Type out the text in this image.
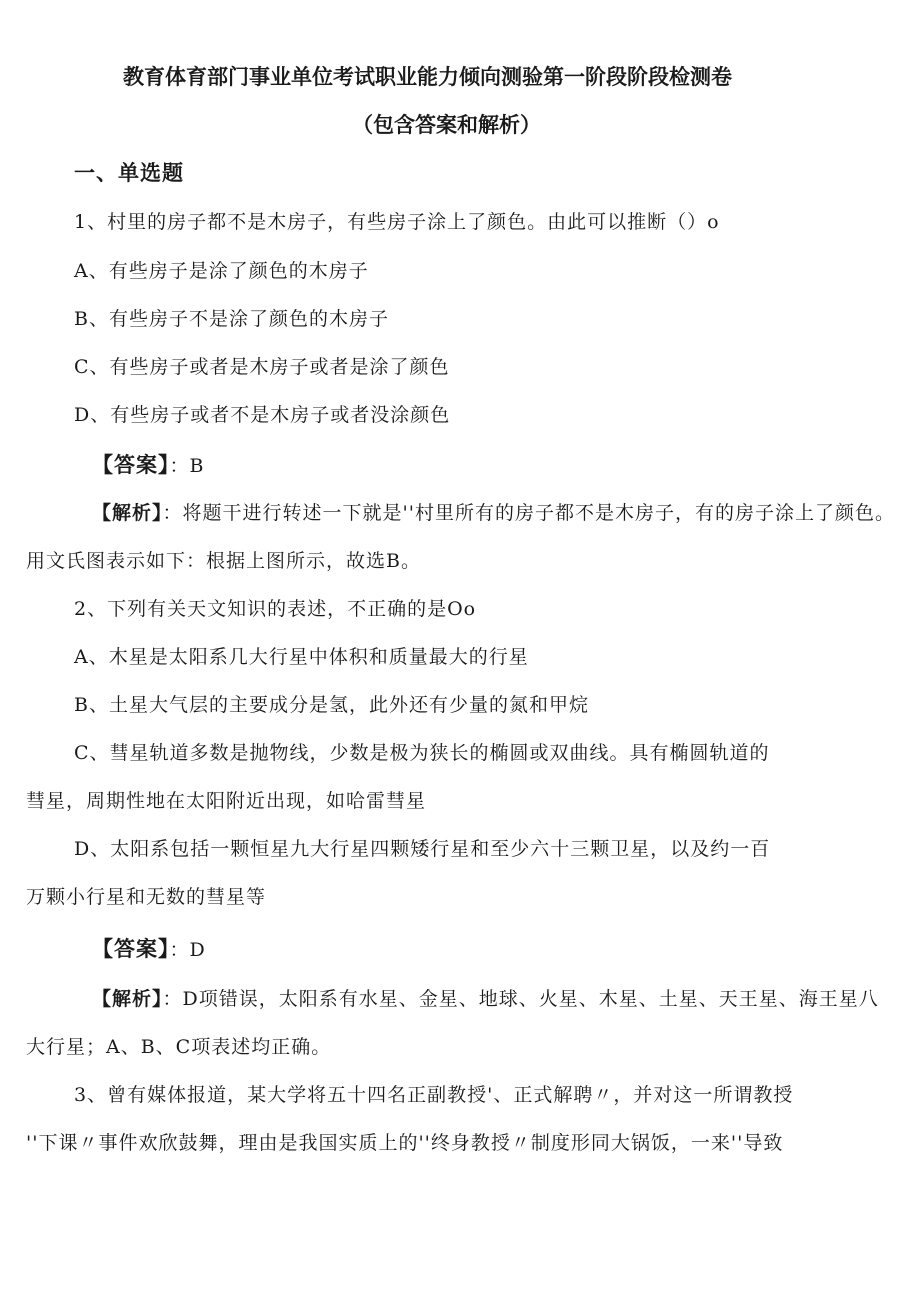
教育体育部门事业单位考试职业能力倾向测验第一阶段阶段检测卷
（包含答案和解析）
一、单选题
1、村里的房子都不是木房子，有些房子涂上了颜色。由此可以推断（）o
A、有些房子是涂了颜色的木房子
B、有些房子不是涂了颜色的木房子
C、有些房子或者是木房子或者是涂了颜色
D、有些房子或者不是木房子或者没涂颜色
【答案】：B
【解析】：将题干进行转述一下就是''村里所有的房子都不是木房子，有的房子涂上了颜色。
用文氏图表示如下：根据上图所示，故选B。
2、下列有关天文知识的表述，不正确的是Oo
A、木星是太阳系几大行星中体积和质量最大的行星
B、土星大气层的主要成分是氢，此外还有少量的氮和甲烷
C、彗星轨道多数是抛物线，少数是极为狭长的椭圆或双曲线。具有椭圆轨道的
彗星，周期性地在太阳附近出现，如哈雷彗星
D、太阳系包括一颗恒星九大行星四颗矮行星和至少六十三颗卫星，以及约一百
万颗小行星和无数的彗星等
【答案】：D
【解析】：D项错误，太阳系有水星、金星、地球、火星、木星、土星、天王星、海王星八
大行星；A、B、C项表述均正确。
3、曾有媒体报道，某大学将五十四名正副教授'、正式解聘〃，并对这一所谓教授
''下课〃事件欢欣鼓舞，理由是我国实质上的''终身教授〃制度形同大锅饭，一来''导致
